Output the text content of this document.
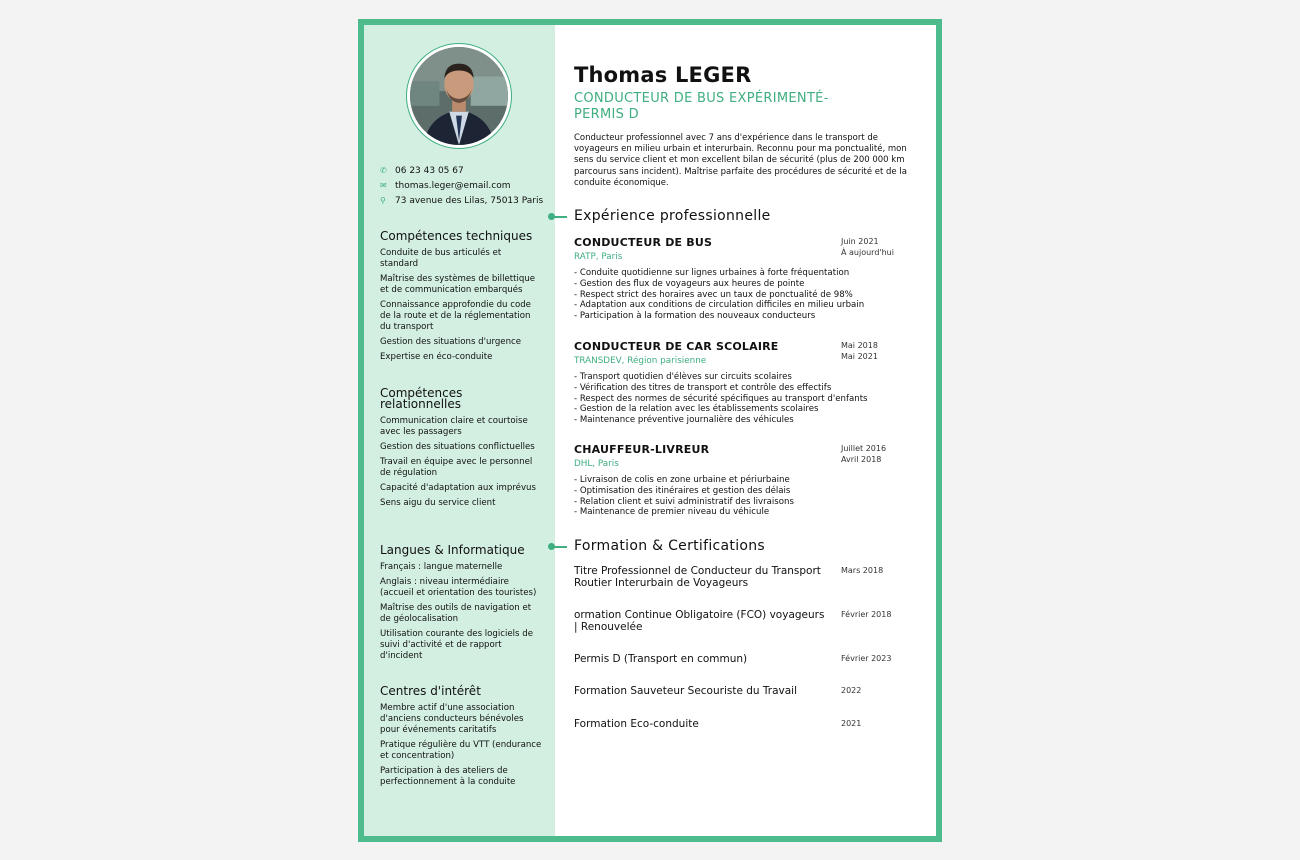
✆ 06 23 43 05 67
✉ thomas.leger@email.com
⚲	73 avenue des Lilas, 75013 Paris
Compétences techniques
Conduite de bus articulés et standard
Maîtrise des systèmes de billettique et de communication embarqués
Connaissance approfondie du code de la route et de la réglementation du transport
Gestion des situations d'urgence
Expertise en éco-conduite
Compétences relationnelles
Communication claire et courtoise avec les passagers
Gestion des situations conflictuelles
Travail en équipe avec le personnel de régulation
Capacité d'adaptation aux imprévus
Sens aigu du service client
Langues & Informatique
Français : langue maternelle
Anglais : niveau intermédiaire (accueil et orientation des touristes)
Maîtrise des outils de navigation et de géolocalisation
Utilisation courante des logiciels de suivi d'activité et de rapport d'incident
Centres d'intérêt
Membre actif d'une association d'anciens conducteurs bénévoles pour événements caritatifs
Pratique régulière du VTT (endurance et concentration)
Participation à des ateliers de perfectionnement à la conduite
Thomas LEGER
CONDUCTEUR DE BUS EXPÉRIMENTÉ- PERMIS D
Conducteur professionnel avec 7 ans d'expérience dans le transport de voyageurs en milieu urbain et interurbain. Reconnu pour ma ponctualité, mon sens du service client et mon excellent bilan de sécurité (plus de 200 000 km parcourus sans incident). Maîtrise parfaite des procédures de sécurité et de la conduite économique.
Expérience professionnelle
CONDUCTEUR DE BUS
RATP, Paris
Juin 2021
À aujourd'hui
- Conduite quotidienne sur lignes urbaines à forte fréquentation
- Gestion des flux de voyageurs aux heures de pointe
- Respect strict des horaires avec un taux de ponctualité de 98%
- Adaptation aux conditions de circulation difficiles en milieu urbain
- Participation à la formation des nouveaux conducteurs
CONDUCTEUR DE CAR SCOLAIRE
TRANSDEV, Région parisienne
Mai 2018
Mai 2021
- Transport quotidien d'élèves sur circuits scolaires
- Vérification des titres de transport et contrôle des effectifs
- Respect des normes de sécurité spécifiques au transport d'enfants
- Gestion de la relation avec les établissements scolaires
- Maintenance préventive journalière des véhicules
CHAUFFEUR-LIVREUR
DHL, Paris
Juillet 2016
Avril 2018
- Livraison de colis en zone urbaine et périurbaine
- Optimisation des itinéraires et gestion des délais
- Relation client et suivi administratif des livraisons
- Maintenance de premier niveau du véhicule
Formation & Certifications
Titre Professionnel de Conducteur du Transport Routier Interurbain de Voyageurs
Mars 2018
ormation Continue Obligatoire (FCO) voyageurs | Renouvelée
Février 2018
Permis D (Transport en commun)	Février 2023
Formation Sauveteur Secouriste du Travail	2022
Formation Eco-conduite	2021
